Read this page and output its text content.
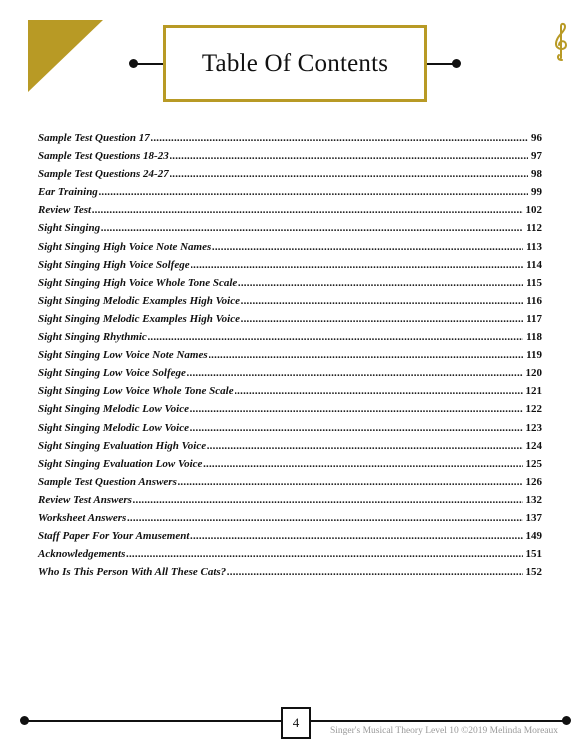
Table Of Contents
Sample Test Question 17 .....	96
Sample Test Questions 18-23 .....	97
Sample Test Questions 24-27 .....	98
Ear Training .....	99
Review Test .....	102
Sight Singing .....	112
Sight Singing High Voice Note Names .....	113
Sight Singing High Voice Solfege .....	114
Sight Singing High Voice Whole Tone Scale .....	115
Sight Singing Melodic Examples High Voice .....	116
Sight Singing Melodic Examples High Voice .....	117
Sight Singing Rhythmic .....	118
Sight Singing Low Voice Note Names .....	119
Sight Singing Low Voice Solfege .....	120
Sight Singing Low Voice Whole Tone Scale .....	121
Sight Singing Melodic Low Voice .....	122
Sight Singing Melodic Low Voice .....	123
Sight Singing Evaluation High Voice .....	124
Sight Singing Evaluation Low Voice .....	125
Sample Test Question Answers .....	126
Review Test Answers .....	132
Worksheet Answers .....	137
Staff Paper For Your Amusement .....	149
Acknowledgements .....	151
Who Is This Person With All These Cats? .....	152
4
Singer's Musical Theory Level 10 ©2019 Melinda Moreaux
